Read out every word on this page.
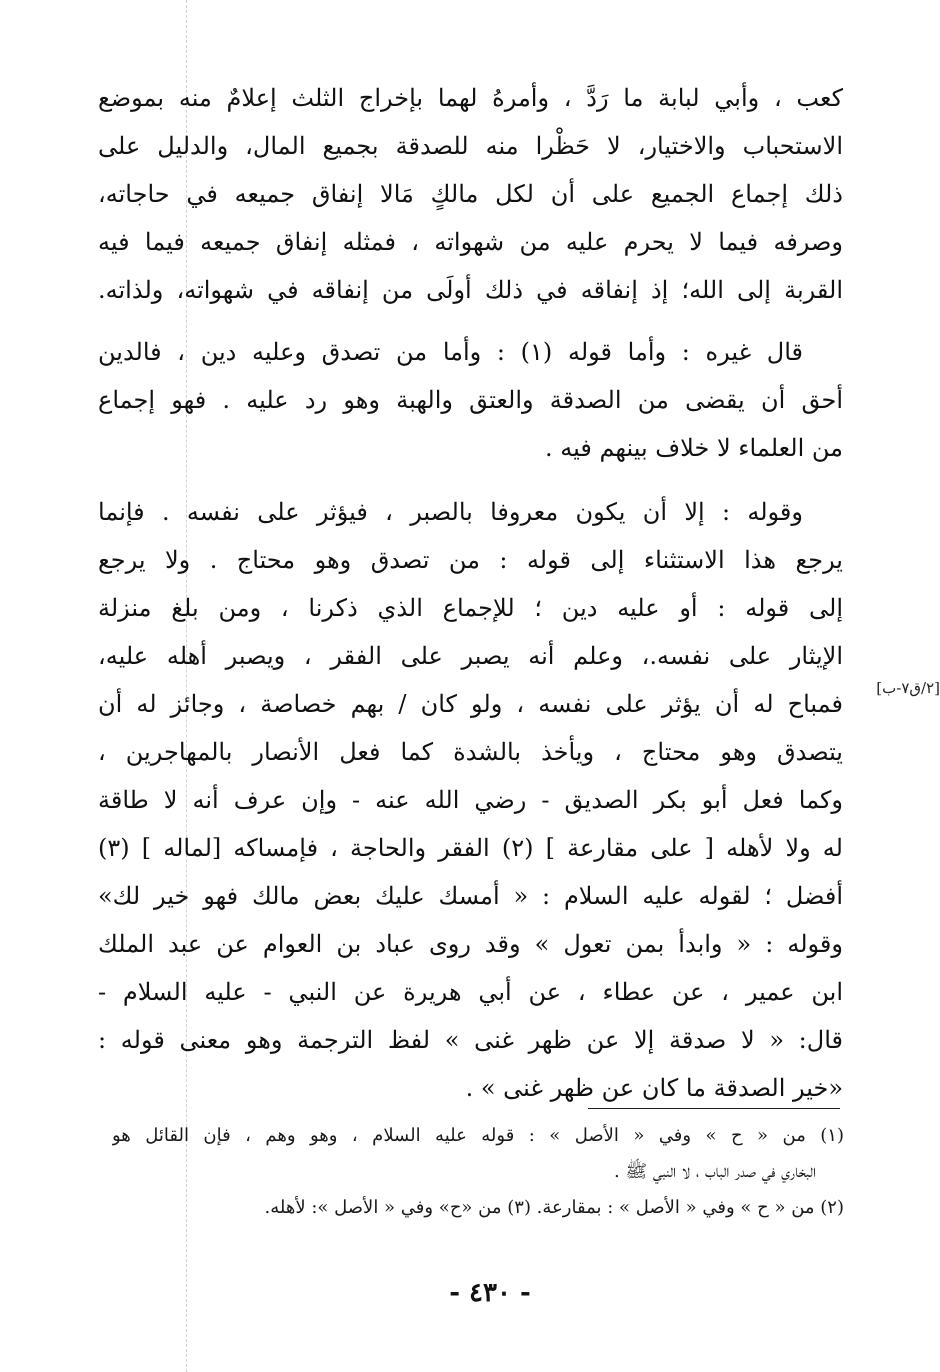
كعب ، وأبي لبابة ما رَدَّ ، وأمرهُ لهما بإخراج الثلث إعلامٌ منه بموضع
الاستحباب والاختيار، لا حَظْرا منه للصدقة بجميع المال، والدليل على
ذلك إجماع الجميع على أن لكل مالكٍ مَالا إنفاق جميعه في حاجاته،
وصرفه فيما لا يحرم عليه من شهواته ، فمثله إنفاق جميعه فيما فيه
القربة إلى الله؛ إذ إنفاقه في ذلك أولَى من إنفاقه في شهواته، ولذاته.
قال غيره : وأما قوله (١) : وأما من تصدق وعليه دين ، فالدين
أحق أن يقضى من الصدقة والعتق والهبة وهو رد عليه . فهو إجماع
من العلماء لا خلاف بينهم فيه .
وقوله : إلا أن يكون معروفا بالصبر ، فيؤثر على نفسه . فإنما
يرجع هذا الاستثناء إلى قوله : من تصدق وهو محتاج . ولا يرجع
إلى قوله : أو عليه دين ؛ للإجماع الذي ذكرنا ، ومن بلغ منزلة
الإيثار على نفسه.، وعلم أنه يصبر على الفقر ، ويصبر أهله عليه،
فمباح له أن يؤثر على نفسه ، ولو كان / بهم خصاصة ، وجائز له أن
يتصدق وهو محتاج ، ويأخذ بالشدة كما فعل الأنصار بالمهاجرين ،
وكما فعل أبو بكر الصديق - رضي الله عنه - وإن عرف أنه لا طاقة
له ولا لأهله [ على مقارعة ] (٢) الفقر والحاجة ، فإمساكه [لماله ] (٣)
أفضل ؛ لقوله عليه السلام : « أمسك عليك بعض مالك فهو خير لك»
وقوله : « وابدأ بمن تعول » وقد روى عباد بن العوام عن عبد الملك
ابن عمير ، عن عطاء ، عن أبي هريرة عن النبي - عليه السلام -
قال: « لا صدقة إلا عن ظهر غنى » لفظ الترجمة وهو معنى قوله :
«خير الصدقة ما كان عن ظهر غنى » .
[٢/ق٧-ب]
(١) من « ح » وفي « الأصل » : قوله عليه السلام ، وهو وهم ، فإن القائل هو
البخاري في صدر الباب ، لا النبي ﷺ .
(٢) من « ح » وفي « الأصل » : بمقارعة. (٣) من «ح» وفي « الأصل »: لأهله.
- ٤٣٠ -
